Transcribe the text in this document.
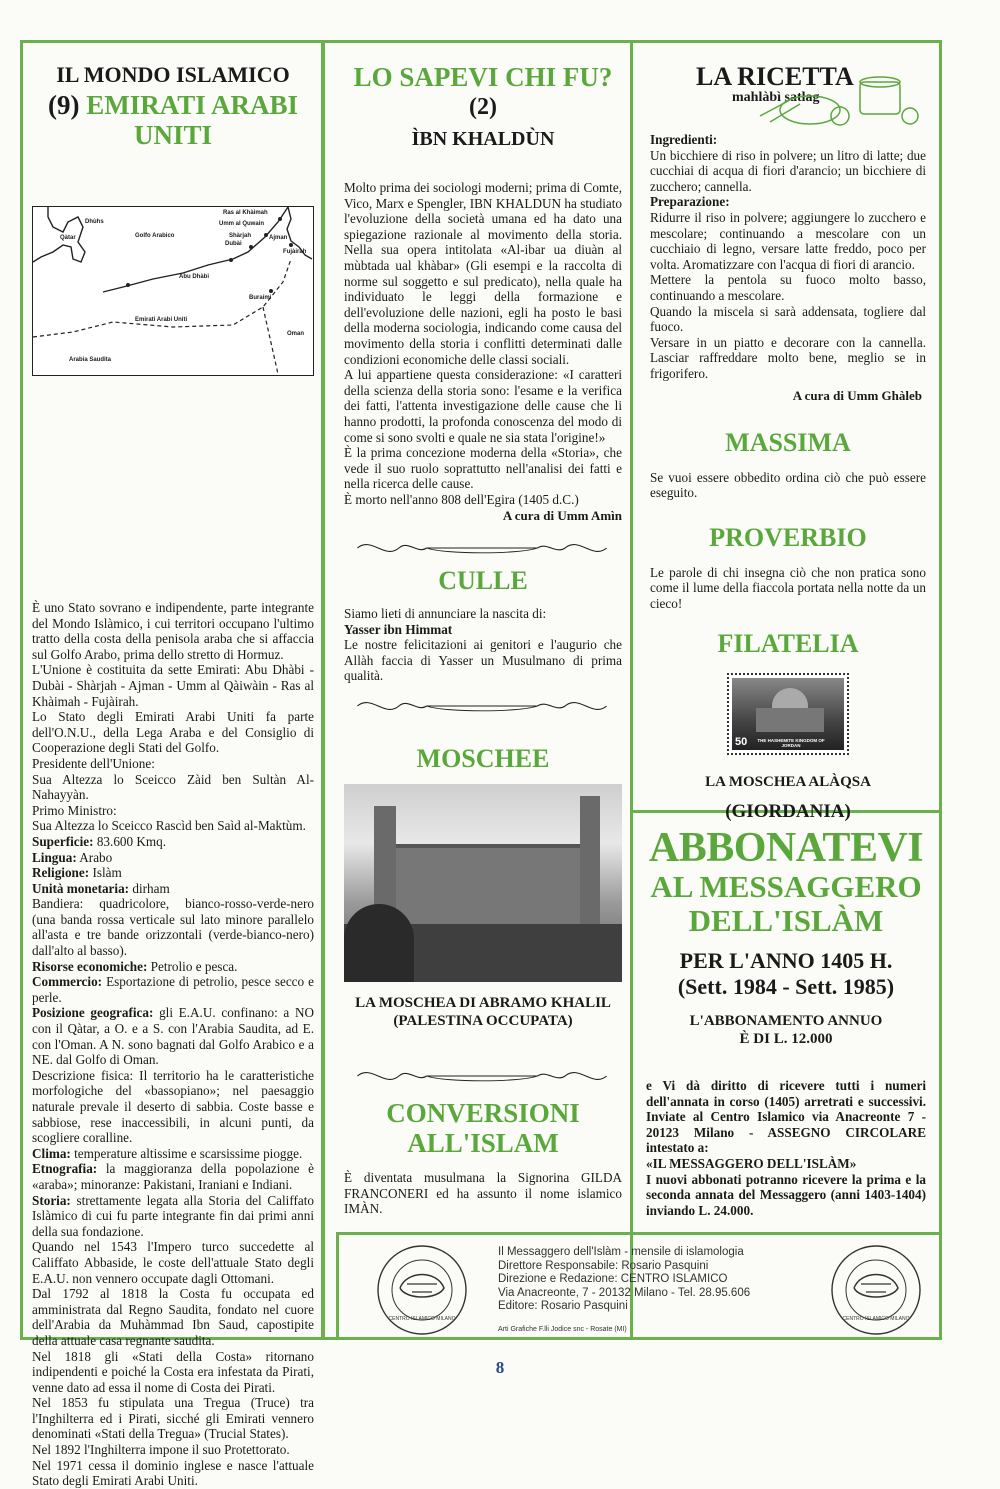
IL MONDO ISLAMICO
(9) EMIRATI ARABI UNITI
Ras al Khàimah
Umm al Quwain
Dhùhs
Qàtar	Golfo Arabico	Shàrjah	Ajman
Dubài
Fujàirah
Abu Dhàbi
Buraimi
Emirati Arabi Uniti
Oman
Arabia Saudita

È uno Stato sovrano e indipendente, parte integrante del Mondo Islàmico, i cui territori occupano l'ultimo tratto della costa della penisola araba che si affaccia sul Golfo Arabo, prima dello stretto di Hormuz.

L'Unione è costituita da sette Emirati: Abu Dhàbi - Dubài - Shàrjah - Ajman - Umm al Qàiwàin - Ras al Khàimah - Fujàirah.

Lo Stato degli Emirati Arabi Uniti fa parte dell'O.N.U., della Lega Araba e del Consiglio di Cooperazione degli Stati del Golfo.

Presidente dell'Unione:

Sua Altezza lo Sceicco Zàid ben Sultàn Al-Nahayyàn.

Primo Ministro:

Sua Altezza lo Sceicco Rascìd ben Saìd al-Maktùm.

Superficie: 83.600 Kmq.

Lingua: Arabo

Religione: Islàm

Unità monetaria: dirham

Bandiera: quadricolore, bianco-rosso-verde-nero (una banda rossa verticale sul lato minore parallelo all'asta e tre bande orizzontali (verde-bianco-nero) dall'alto al basso).

Risorse economiche: Petrolio e pesca.

Commercio: Esportazione di petrolio, pesce secco e perle.

Posizione geografica: gli E.A.U. confinano: a NO con il Qàtar, a O. e a S. con l'Arabia Saudita, ad E. con l'Oman. A N. sono bagnati dal Golfo Arabico e a NE. dal Golfo di Oman.

Descrizione fisica: Il territorio ha le caratteristiche morfologiche del «bassopiano»; nel paesaggio naturale prevale il deserto di sabbia. Coste basse e sabbiose, rese inaccessibili, in alcuni punti, da scogliere coralline.

Clima: temperature altissime e scarsissime piogge.

Etnografia: la maggioranza della popolazione è «araba»; minoranze: Pakistani, Iraniani e Indiani.

Storia: strettamente legata alla Storia del Califfato Islàmico di cui fu parte integrante fin dai primi anni della sua fondazione.

Quando nel 1543 l'Impero turco succedette al Califfato Abbaside, le coste dell'attuale Stato degli E.A.U. non vennero occupate dagli Ottomani.

Dal 1792 al 1818 la Costa fu occupata ed amministrata dal Regno Saudita, fondato nel cuore dell'Arabia da Muhàmmad Ibn Saud, capostipite della attuale casa regnante saudita.

Nel 1818 gli «Stati della Costa» ritornano indipendenti e poiché la Costa era infestata da Pirati, venne dato ad essa il nome di Costa dei Pirati.

Nel 1853 fu stipulata una Tregua (Truce) tra l'Inghilterra ed i Pirati, sicché gli Emirati vennero denominati «Stati della Tregua» (Trucial States).

Nel 1892 l'Inghilterra impone il suo Protettorato.

Nel 1971 cessa il dominio inglese e nasce l'attuale Stato degli Emirati Arabi Uniti.

LO SAPEVI CHI FU?
(2)
ÌBN KHALDÙN

Molto prima dei sociologi moderni; prima di Comte, Vico, Marx e Spengler, IBN KHALDUN ha studiato l'evoluzione della società umana ed ha dato una spiegazione razionale al movimento della storia. Nella sua opera intitolata «Al-ibar ua diuàn al mùbtada ual khàbar» (Gli esempi e la raccolta di norme sul soggetto e sul predicato), nella quale ha individuato le leggi della formazione e dell'evoluzione delle nazioni, egli ha posto le basi della moderna sociologia, indicando come causa del movimento della storia i conflitti determinati dalle condizioni economiche delle classi sociali.

A lui appartiene questa considerazione: «I caratteri della scienza della storia sono: l'esame e la verifica dei fatti, l'attenta investigazione delle cause che li hanno prodotti, la profonda conoscenza del modo di come si sono svolti e quale ne sia stata l'origine!»

È la prima concezione moderna della «Storia», che vede il suo ruolo soprattutto nell'analisi dei fatti e nella ricerca delle cause.

È morto nell'anno 808 dell'Egira (1405 d.C.)

A cura di Umm Amìn
CULLE

Siamo lieti di annunciare la nascita di:

Yasser ibn Himmat

Le nostre felicitazioni ai genitori e l'augurio che Allàh faccia di Yasser un Musulmano di prima qualità.

MOSCHEE
LA MOSCHEA DI ABRAMO KHALIL (PALESTINA OCCUPATA)
CONVERSIONI
ALL'ISLAM
È diventata musulmana la Signorina GILDA FRANCONERI ed ha assunto il nome islamico IMÀN.
LA RICETTA
mahlàbì satlag

Ingredienti:

Un bicchiere di riso in polvere; un litro di latte; due cucchiai di acqua di fiori d'arancio; un bicchiere di zucchero; cannella.

Preparazione:

Ridurre il riso in polvere; aggiungere lo zucchero e mescolare; continuando a mescolare con un cucchiaio di legno, versare latte freddo, poco per volta. Aromatizzare con l'acqua di fiori di arancio.

Mettere la pentola su fuoco molto basso, continuando a mescolare.

Quando la miscela si sarà addensata, togliere dal fuoco.

Versare in un piatto e decorare con la cannella. Lasciar raffreddare molto bene, meglio se in frigorifero.

A cura di Umm Ghàleb
MASSIMA
Se vuoi essere obbedito ordina ciò che può essere eseguito.
PROVERBIO
Le parole di chi insegna ciò che non pratica sono come il lume della fiaccola portata nella notte da un cieco!
FILATELIA
50	THE HASHEMITE KINGDOM OF JORDAN
LA MOSCHEA ALÀQSA
(GIORDANIA)
ABBONATEVI
AL MESSAGGERO
DELL'ISLÀM
PER L'ANNO 1405 H.
(Sett. 1984 - Sett. 1985)
L'ABBONAMENTO ANNUO
È DI L. 12.000

e Vi dà diritto di ricevere tutti i numeri dell'annata in corso (1405) arretrati e successivi. Inviate al Centro Islamico via Anacreonte 7 - 20123 Milano - ASSEGNO CIRCOLARE intestato a:

«IL MESSAGGERO DELL'ISLÀM»

I nuovi abbonati potranno ricevere la prima e la seconda annata del Messaggero (anni 1403-1404) inviando L. 24.000.

CENTRO ISLAMICO MILANO	CENTRO ISLAMICO MILANO
Il Messaggero dell'Islàm - mensile di islamologia
Direttore Responsabile: Rosario Pasquini
Direzione e Redazione: CENTRO ISLAMICO
Via Anacreonte, 7 - 20132 Milano - Tel. 28.95.606
Editore: Rosario Pasquini
Arti Grafiche F.lli Jodice snc - Rosate (MI)
8
